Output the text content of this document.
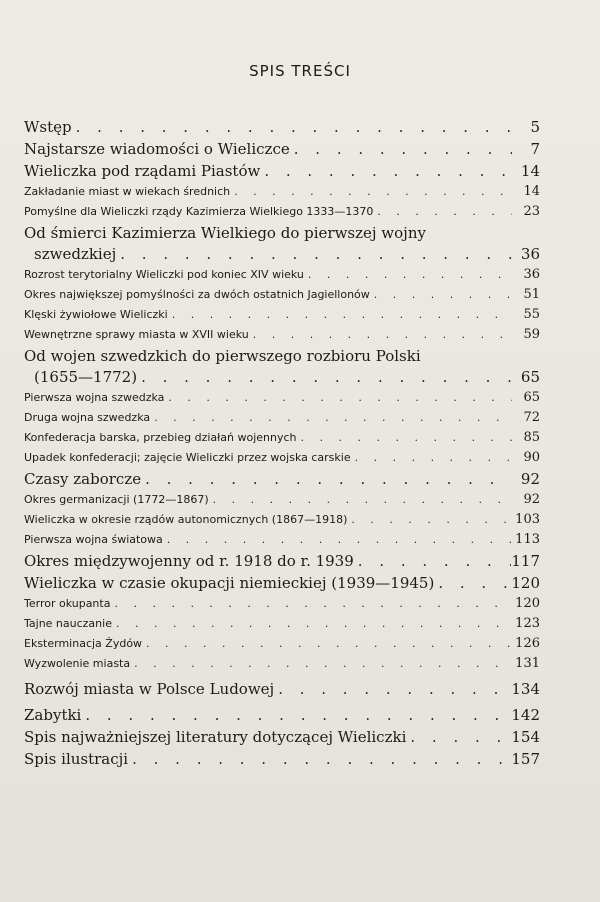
SPIS TREŚCI
Wstęp . . .	5
Najstarsze wiadomości o Wieliczce . . .	7
Wieliczka pod rządami Piastów . . .	14
Zakładanie miast w wiekach średnich . . .	14
Pomyślne dla Wieliczki rządy Kazimierza Wielkiego 1333—1370 . . .	23
Od śmierci Kazimierza Wielkiego do pierwszej wojny
szwedzkiej . . .	36
Rozrost terytorialny Wieliczki pod koniec XIV wieku . . .	36
Okres największej pomyślności za dwóch ostatnich Jagiellonów . . .	51
Klęski żywiołowe Wieliczki . . .	55
Wewnętrzne sprawy miasta w XVII wieku . . .	59
Od wojen szwedzkich do pierwszego rozbioru Polski
(1655—1772) . . .	65
Pierwsza wojna szwedzka . . .	65
Druga wojna szwedzka . . .	72
Konfederacja barska, przebieg działań wojennych . . .	85
Upadek konfederacji; zajęcie Wieliczki przez wojska carskie . . .	90
Czasy zaborcze . . .	92
Okres germanizacji (1772—1867) . . .	92
Wieliczka w okresie rządów autonomicznych (1867—1918) . . .	103
Pierwsza wojna światowa . . .	113
Okres międzywojenny od r. 1918 do r. 1939 . . .	117
Wieliczka w czasie okupacji niemieckiej (1939—1945) . . .	120
Terror okupanta . . .	120
Tajne nauczanie . . .	123
Eksterminacja Żydów . . .	126
Wyzwolenie miasta . . .	131
Rozwój miasta w Polsce Ludowej . . .	134
Zabytki . . .	142
Spis najważniejszej literatury dotyczącej Wieliczki . . .	154
Spis ilustracji . . .	157
